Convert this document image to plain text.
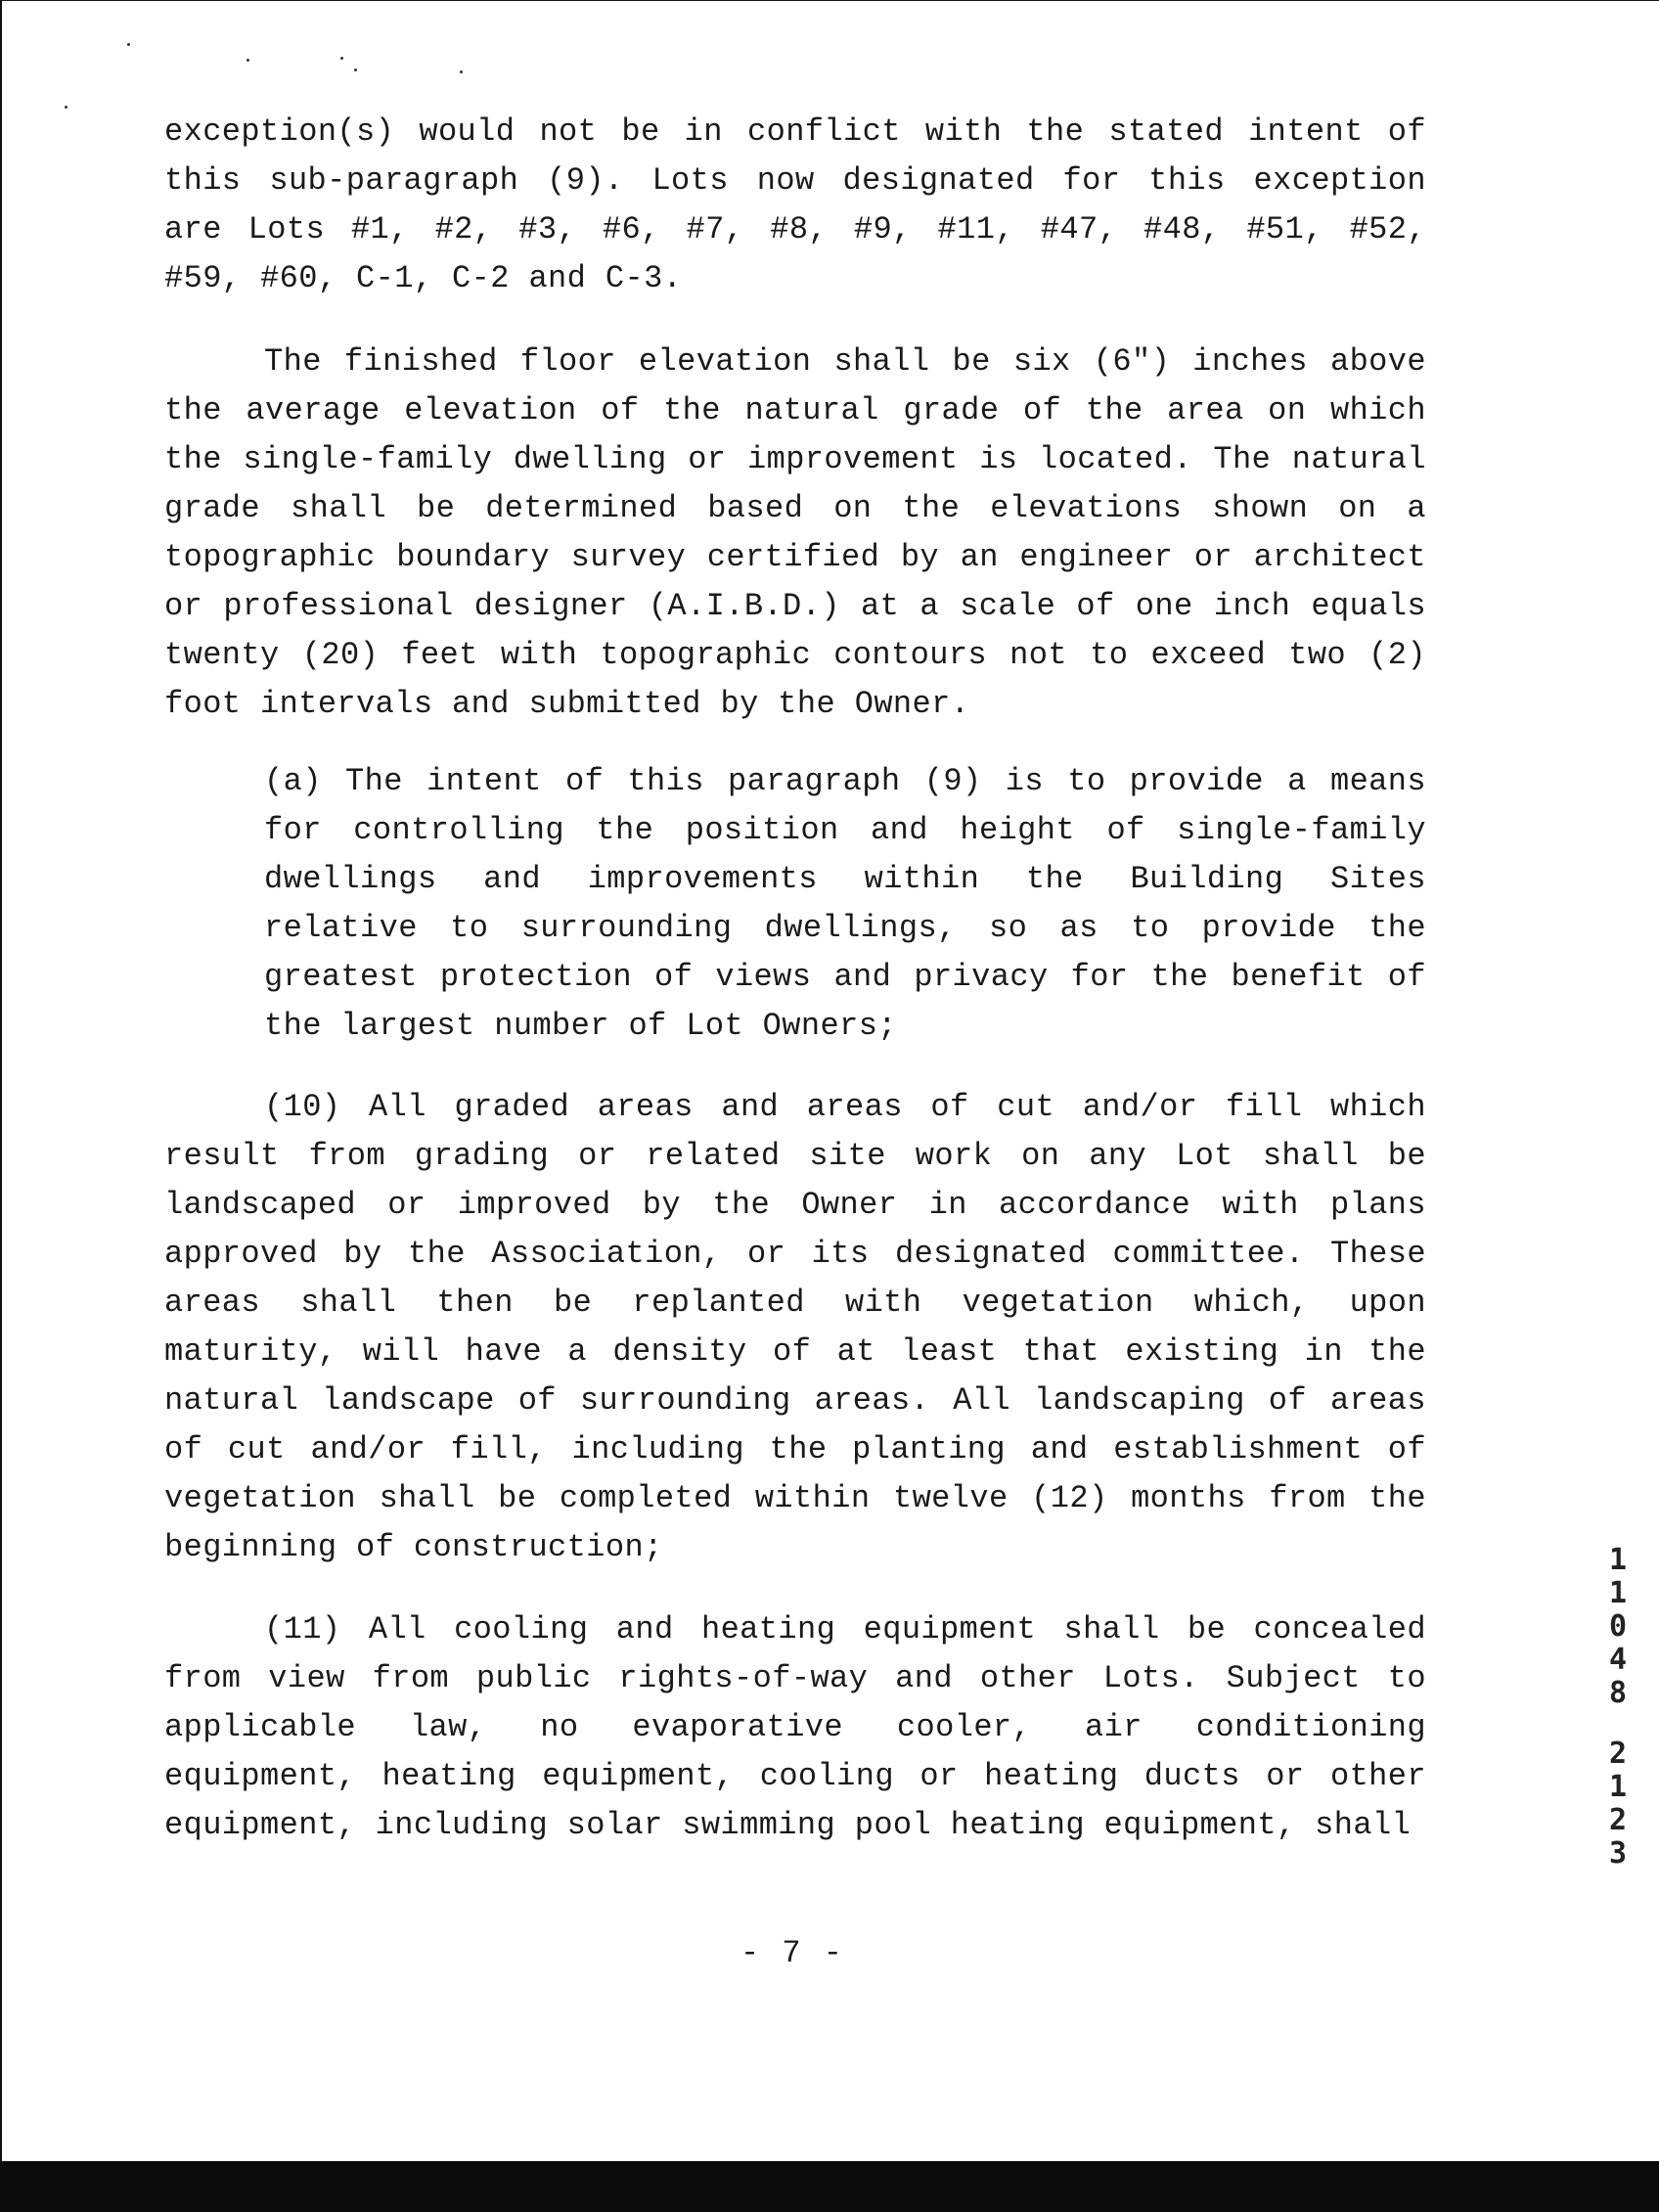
exception(s) would not be in conflict with the stated intent of this sub-paragraph (9). Lots now designated for this exception are Lots #1, #2, #3, #6, #7, #8, #9, #11, #47, #48, #51, #52, #59, #60, C-1, C-2 and C-3.

The finished floor elevation shall be six (6") inches above the average elevation of the natural grade of the area on which the single-family dwelling or improvement is located. The natural grade shall be determined based on the elevations shown on a topographic boundary survey certified by an engineer or architect or professional designer (A.I.B.D.) at a scale of one inch equals twenty (20) feet with topographic contours not to exceed two (2) foot intervals and submitted by the Owner.

(a) The intent of this paragraph (9) is to provide a means for controlling the position and height of single-family dwellings and improvements within the Building Sites relative to surrounding dwellings, so as to provide the greatest protection of views and privacy for the benefit of the largest number of Lot Owners;

(10) All graded areas and areas of cut and/or fill which result from grading or related site work on any Lot shall be landscaped or improved by the Owner in accordance with plans approved by the Association, or its designated committee. These areas shall then be replanted with vegetation which, upon maturity, will have a density of at least that existing in the natural landscape of surrounding areas. All landscaping of areas of cut and/or fill, including the planting and establishment of vegetation shall be completed within twelve (12) months from the beginning of construction;

(11) All cooling and heating equipment shall be concealed from view from public rights-of-way and other Lots. Subject to applicable law, no evaporative cooler, air conditioning equipment, heating equipment, cooling or heating ducts or other equipment, including solar swimming pool heating equipment, shall

- 7 -
1
1
0
4
8
2
1
2
3
